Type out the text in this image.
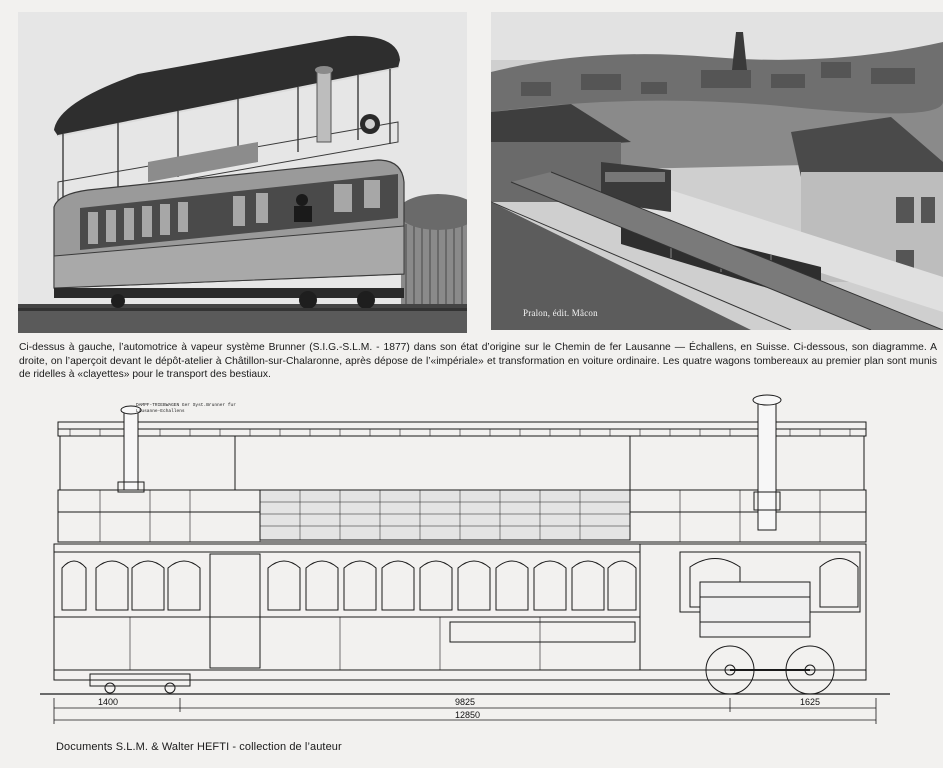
Pralon, édit. Mâcon

Ci-dessus à gauche, l’automotrice à vapeur système Brunner (S.I.G.-S.L.M. - 1877) dans son état d’origine sur le Chemin de fer Lausanne — Échallens, en Suisse. Ci-dessous, son diagramme. A droite, on l’aperçoit devant le dépôt-atelier à Châtillon-sur-Chalaronne, après dépose de l’«impériale» et transformation en voiture ordinaire. Les quatre wagons tombereaux au premier plan sont munis de ridelles à «clayettes» pour le transport des bestiaux.

DAMPF-TRIEBWAGEN Ger Syst.Brunner fur
Lausanne-Echallens
1400	9825	1625
12850
Documents S.L.M. & Walter HEFTI - collection de l’auteur
